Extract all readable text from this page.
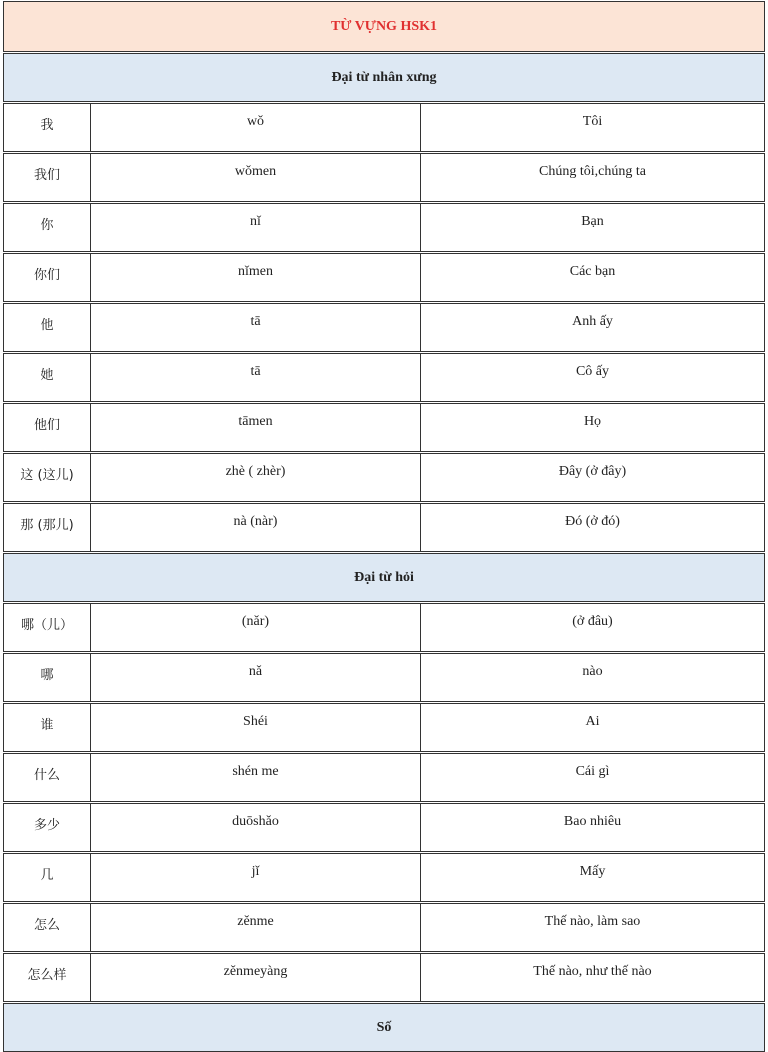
TỪ VỰNG HSK1
Đại từ nhân xưng
我	wǒ	Tôi
我们	wǒmen	Chúng tôi,chúng ta
你	nǐ	Bạn
你们	nǐmen	Các bạn
他	tā	Anh ấy
她	tā	Cô ấy
他们	tāmen	Họ
这 (这儿)	zhè ( zhèr)	Đây (ở đây)
那 (那儿)	nà (nàr)	Đó (ở đó)
Đại từ hỏi
哪（儿）	(nǎr)	(ở đâu)
哪	nǎ	nào
谁	Shéi	Ai
什么	shén me	Cái gì
多少	duōshǎo	Bao nhiêu
几	jǐ	Mấy
怎么	zěnme	Thế nào, làm sao
怎么样	zěnmeyàng	Thế nào, như thế nào
Số
